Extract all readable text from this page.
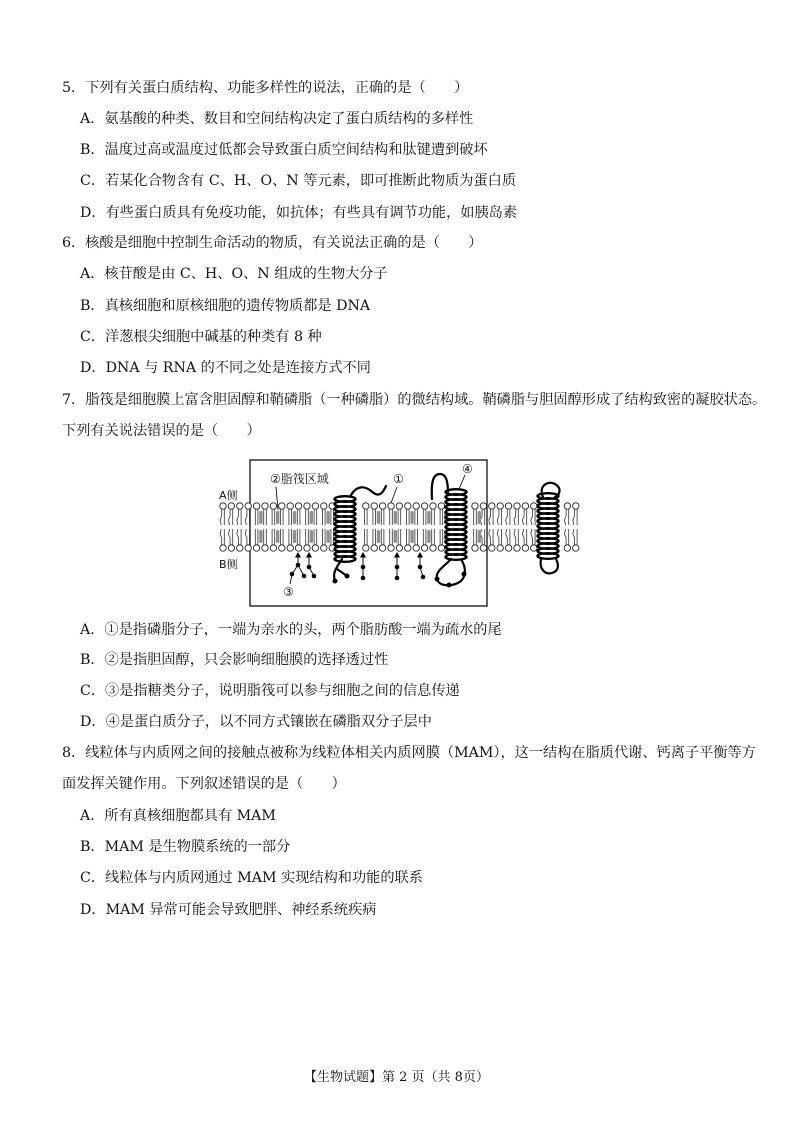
5．下列有关蛋白质结构、功能多样性的说法，正确的是（　　）
A．氨基酸的种类、数目和空间结构决定了蛋白质结构的多样性
B．温度过高或温度过低都会导致蛋白质空间结构和肽键遭到破坏
C．若某化合物含有 C、H、O、N 等元素，即可推断此物质为蛋白质
D．有些蛋白质具有免疫功能，如抗体；有些具有调节功能，如胰岛素
6．核酸是细胞中控制生命活动的物质，有关说法正确的是（　　）
A．核苷酸是由 C、H、O、N 组成的生物大分子
B．真核细胞和原核细胞的遗传物质都是 DNA
C．洋葱根尖细胞中碱基的种类有 8 种
D．DNA 与 RNA 的不同之处是连接方式不同
7．脂筏是细胞膜上富含胆固醇和鞘磷脂（一种磷脂）的微结构域。鞘磷脂与胆固醇形成了结构致密的凝胶状态。
下列有关说法错误的是（　　）
A侧
B侧
②脂筏区域	①
④
③
A．①是指磷脂分子，一端为亲水的头，两个脂肪酸一端为疏水的尾
B．②是指胆固醇，只会影响细胞膜的选择透过性
C．③是指糖类分子，说明脂筏可以参与细胞之间的信息传递
D．④是蛋白质分子，以不同方式镶嵌在磷脂双分子层中
8．线粒体与内质网之间的接触点被称为线粒体相关内质网膜（MAM），这一结构在脂质代谢、钙离子平衡等方
面发挥关键作用。下列叙述错误的是（　　）
A．所有真核细胞都具有 MAM
B．MAM 是生物膜系统的一部分
C．线粒体与内质网通过 MAM 实现结构和功能的联系
D．MAM 异常可能会导致肥胖、神经系统疾病
【生物试题】第 2 页（共 8页）
